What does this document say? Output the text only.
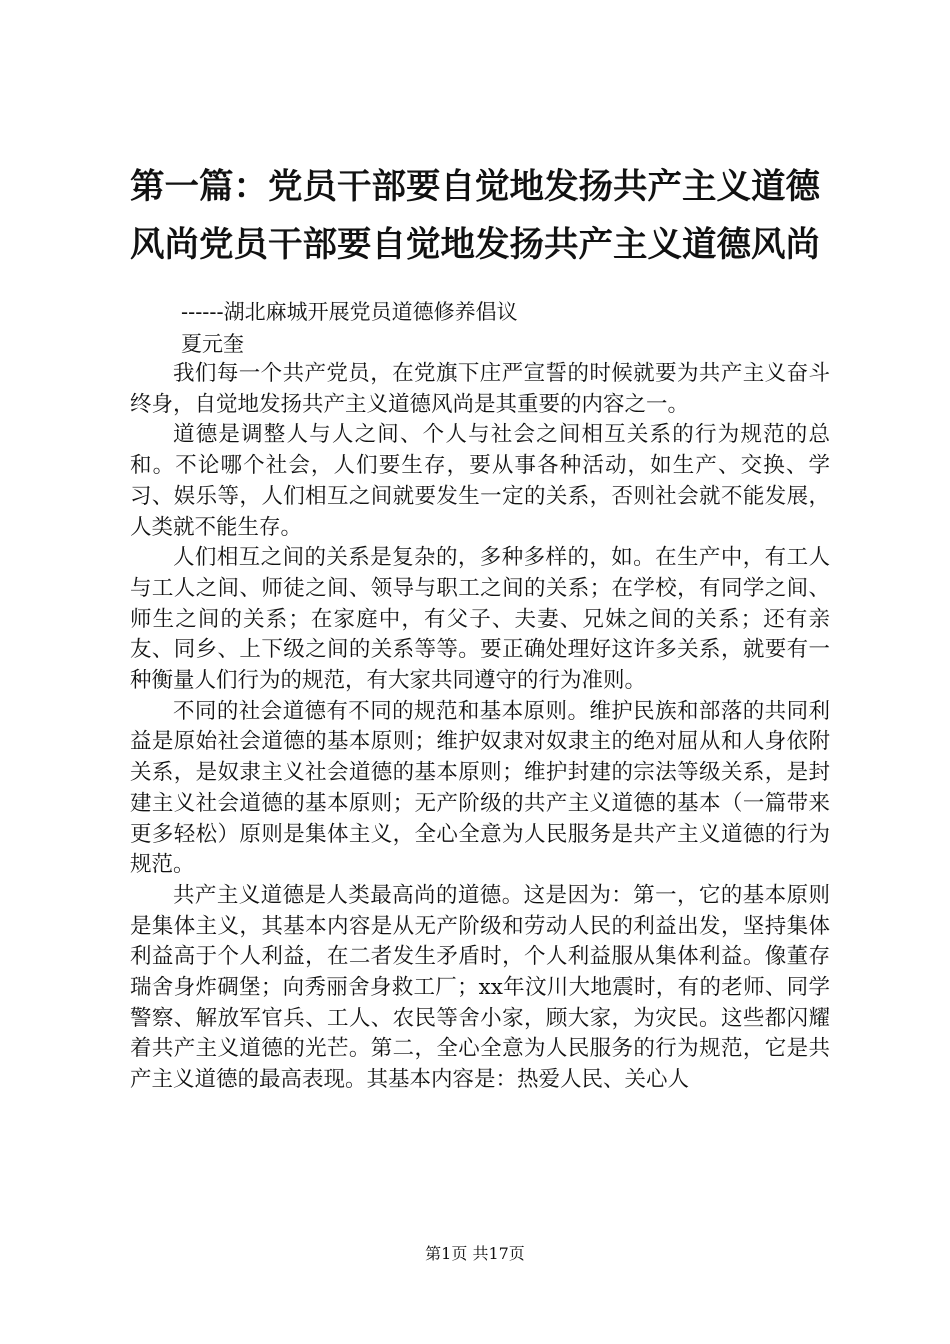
第一篇：党员干部要自觉地发扬共产主义道德
风尚党员干部要自觉地发扬共产主义道德风尚

------湖北麻城开展党员道德修养倡议

夏元奎

我们每一个共产党员，在党旗下庄严宣誓的时候就要为共产主义奋斗终身，自觉地发扬共产主义道德风尚是其重要的内容之一。

道德是调整人与人之间、个人与社会之间相互关系的行为规范的总和。不论哪个社会，人们要生存，要从事各种活动，如生产、交换、学习、娱乐等，人们相互之间就要发生一定的关系，否则社会就不能发展，人类就不能生存。

人们相互之间的关系是复杂的，多种多样的，如。在生产中，有工人与工人之间、师徒之间、领导与职工之间的关系；在学校，有同学之间、师生之间的关系；在家庭中，有父子、夫妻、兄妹之间的关系；还有亲友、同乡、上下级之间的关系等等。要正确处理好这许多关系，就要有一种衡量人们行为的规范，有大家共同遵守的行为准则。

不同的社会道德有不同的规范和基本原则。维护民族和部落的共同利益是原始社会道德的基本原则；维护奴隶对奴隶主的绝对屈从和人身依附关系，是奴隶主义社会道德的基本原则；维护封建的宗法等级关系，是封建主义社会道德的基本原则；无产阶级的共产主义道德的基本（一篇带来更多轻松）原则是集体主义，全心全意为人民服务是共产主义道德的行为规范。

共产主义道德是人类最高尚的道德。这是因为：第一，它的基本原则是集体主义，其基本内容是从无产阶级和劳动人民的利益出发，坚持集体利益高于个人利益，在二者发生矛盾时，个人利益服从集体利益。像董存瑞舍身炸碉堡；向秀丽舍身救工厂；xx年汶川大地震时，有的老师、同学警察、解放军官兵、工人、农民等舍小家，顾大家，为灾民。这些都闪耀着共产主义道德的光芒。第二，全心全意为人民服务的行为规范，它是共产主义道德的最高表现。其基本内容是：热爱人民、关心人

第1页 共17页
